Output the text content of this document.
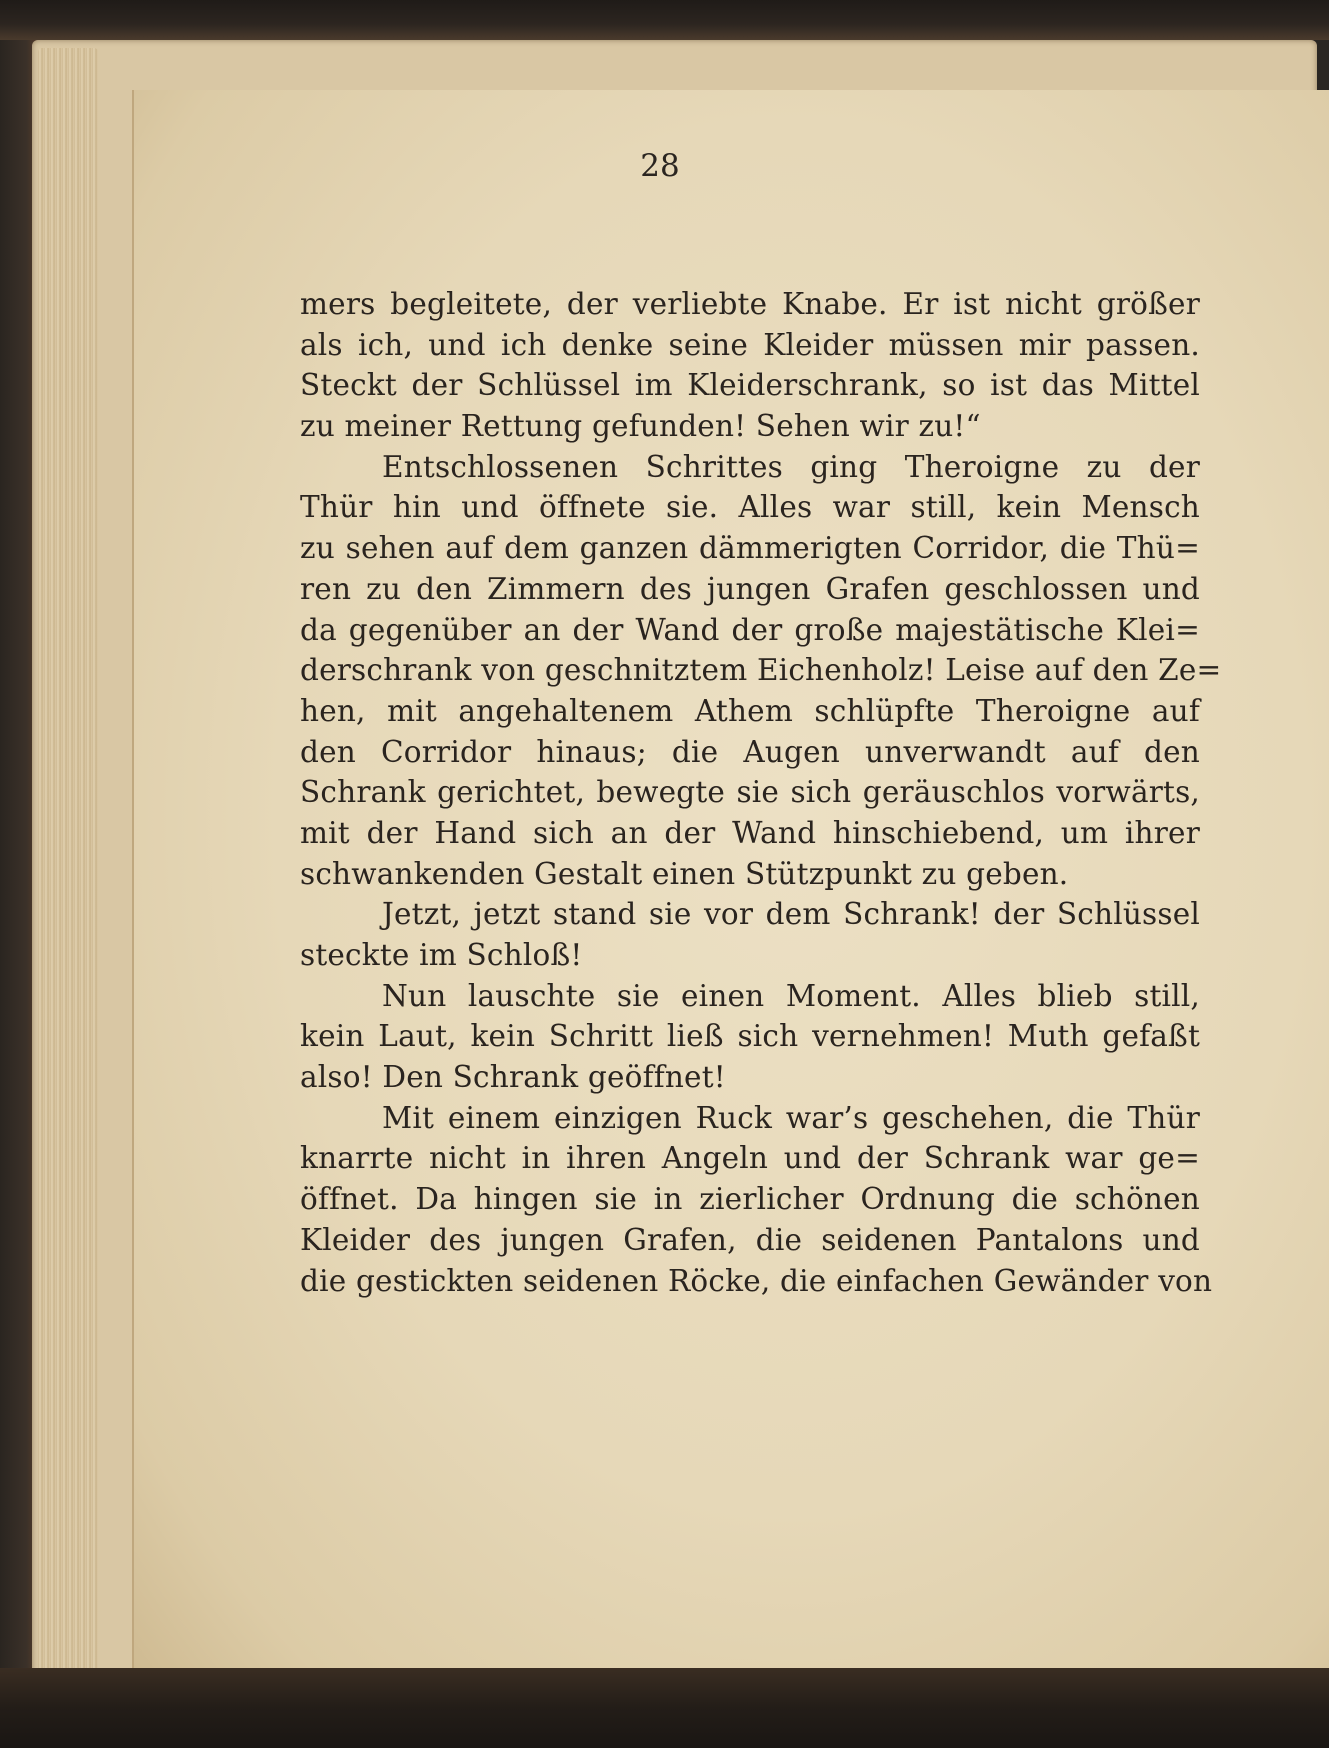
28
mers begleitete, der verliebte Knabe. Er ist nicht größer
als ich, und ich denke seine Kleider müssen mir passen.
Steckt der Schlüssel im Kleiderschrank, so ist das Mittel
zu meiner Rettung gefunden! Sehen wir zu!“
Entschlossenen Schrittes ging Theroigne zu der
Thür hin und öffnete sie. Alles war still, kein Mensch
zu sehen auf dem ganzen dämmerigten Corridor, die Thü=
ren zu den Zimmern des jungen Grafen geschlossen und
da gegenüber an der Wand der große majestätische Klei=
derschrank von geschnitztem Eichenholz! Leise auf den Ze=
hen, mit angehaltenem Athem schlüpfte Theroigne auf
den Corridor hinaus; die Augen unverwandt auf den
Schrank gerichtet, bewegte sie sich geräuschlos vorwärts,
mit der Hand sich an der Wand hinschiebend, um ihrer
schwankenden Gestalt einen Stützpunkt zu geben.
Jetzt, jetzt stand sie vor dem Schrank! der Schlüssel
steckte im Schloß!
Nun lauschte sie einen Moment. Alles blieb still,
kein Laut, kein Schritt ließ sich vernehmen! Muth gefaßt
also! Den Schrank geöffnet!
Mit einem einzigen Ruck war’s geschehen, die Thür
knarrte nicht in ihren Angeln und der Schrank war ge=
öffnet. Da hingen sie in zierlicher Ordnung die schönen
Kleider des jungen Grafen, die seidenen Pantalons und
die gestickten seidenen Röcke, die einfachen Gewänder von
